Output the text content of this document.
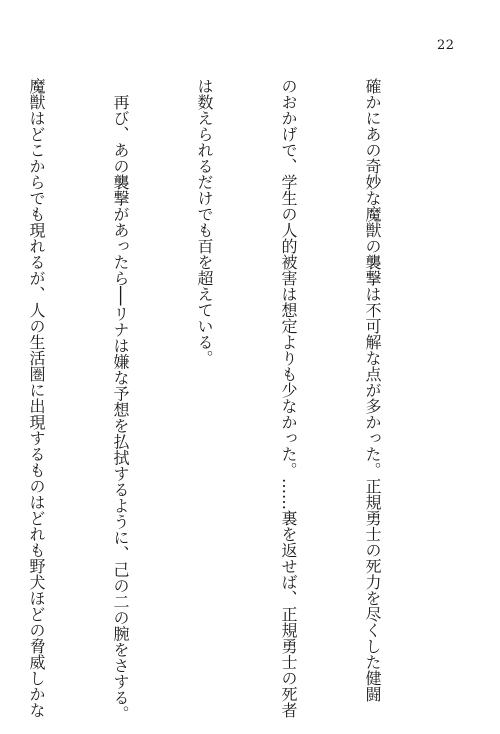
22

確かにあの奇妙な魔獣の襲撃は不可解な点が多かった。正規勇士の死力を尽くした健闘

のおかげで、学生の人的被害は想定よりも少なかった。……裏を返せば、正規勇士の死者

は数えられるだけでも百を超えている。

　再び、あの襲撃があったら──リナは嫌な予想を払拭するように、己の二の腕をさする。

魔獣はどこからでも現れるが、人の生活圏に出現するものはどれも野犬ほどの脅威しかな
